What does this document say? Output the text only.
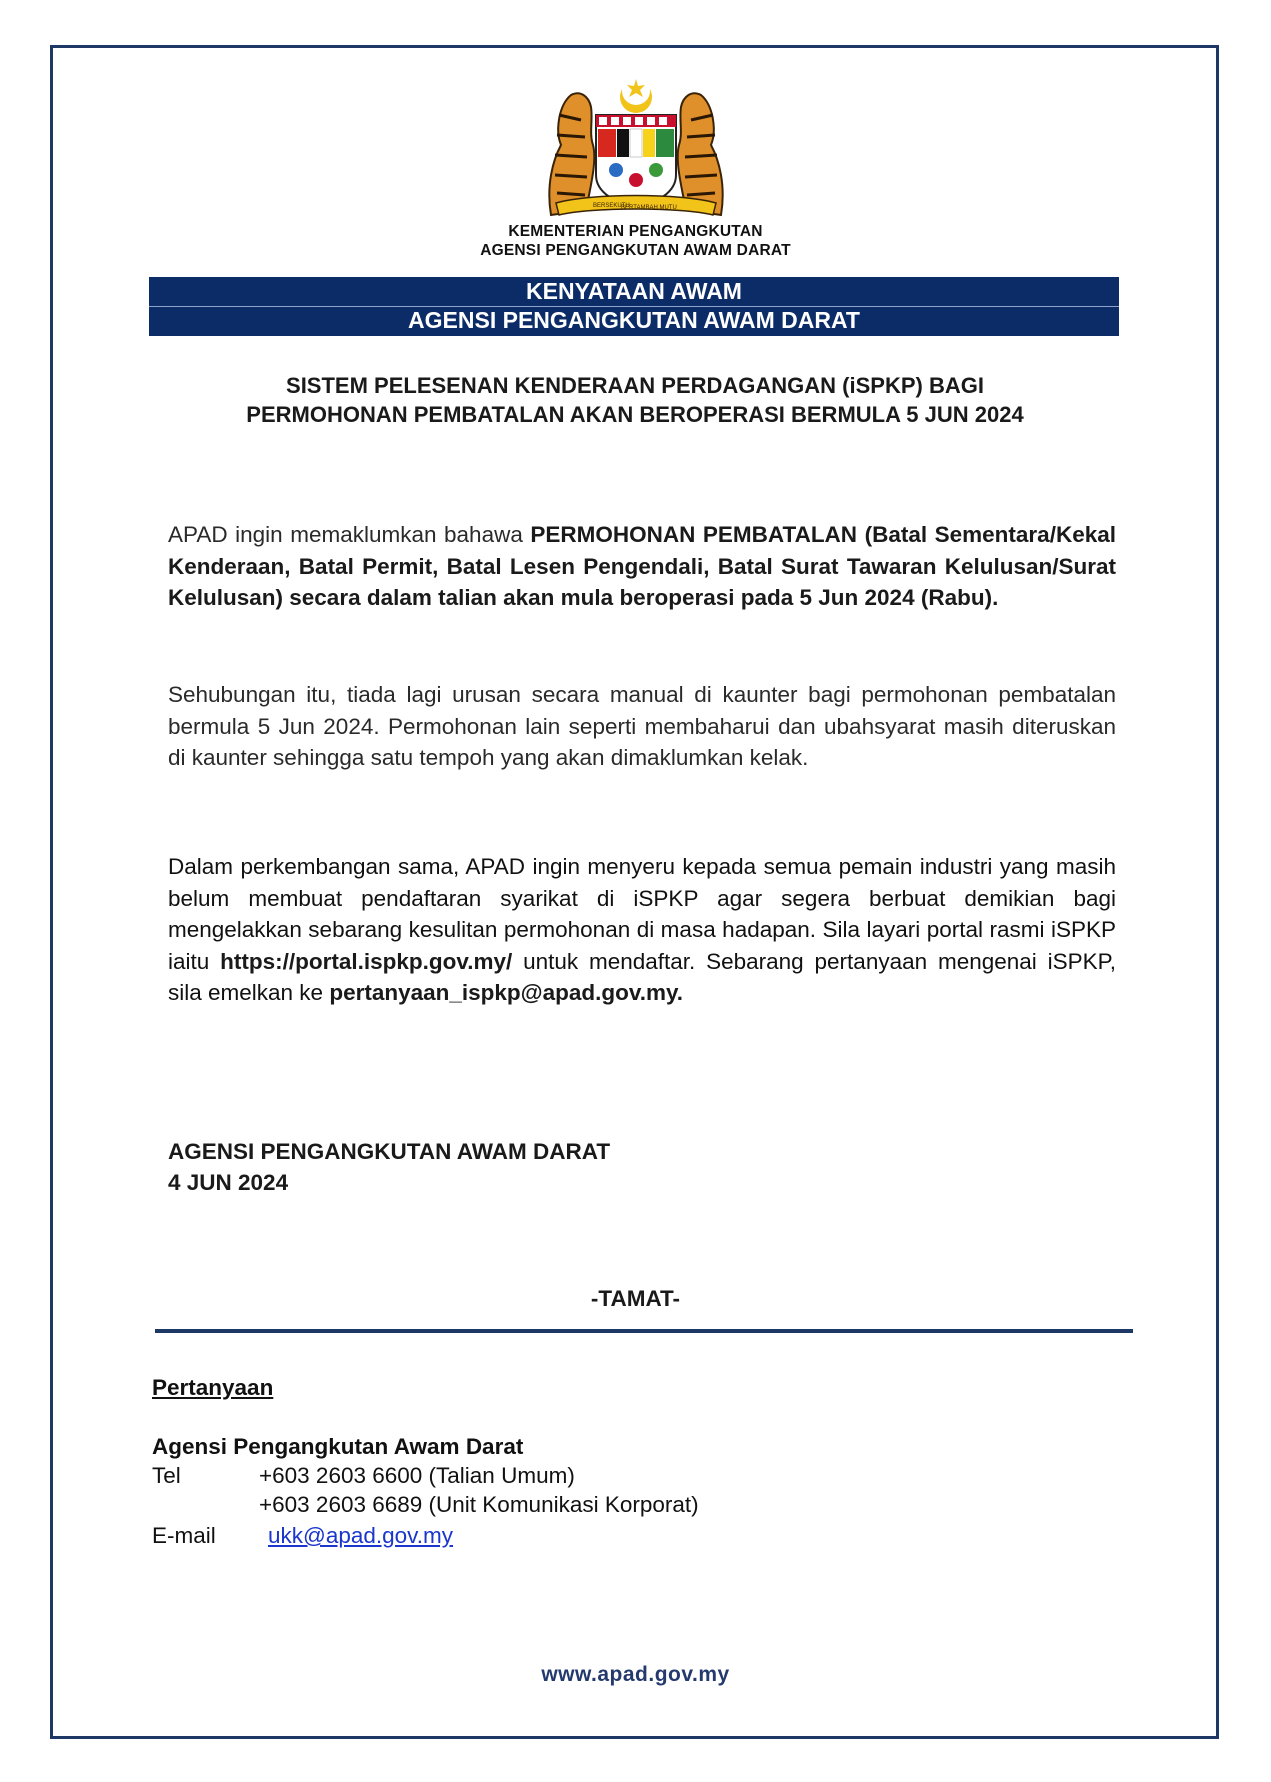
BERSEKUTU
BERTAMBAH MUTU
KEMENTERIAN PENGANGKUTAN
AGENSI PENGANGKUTAN AWAM DARAT
KENYATAAN AWAM
AGENSI PENGANGKUTAN AWAM DARAT
SISTEM PELESENAN KENDERAAN PERDAGANGAN (iSPKP) BAGI
PERMOHONAN PEMBATALAN AKAN BEROPERASI BERMULA 5 JUN 2024
APAD ingin memaklumkan bahawa PERMOHONAN PEMBATALAN (Batal Sementara/Kekal Kenderaan, Batal Permit, Batal Lesen Pengendali, Batal Surat Tawaran Kelulusan/Surat Kelulusan) secara dalam talian akan mula beroperasi pada 5 Jun 2024 (Rabu).
Sehubungan itu, tiada lagi urusan secara manual di kaunter bagi permohonan pembatalan bermula 5 Jun 2024. Permohonan lain seperti membaharui dan ubahsyarat masih diteruskan di kaunter sehingga satu tempoh yang akan dimaklumkan kelak.
Dalam perkembangan sama, APAD ingin menyeru kepada semua pemain industri yang masih belum membuat pendaftaran syarikat di iSPKP agar segera berbuat demikian bagi mengelakkan sebarang kesulitan permohonan di masa hadapan. Sila layari portal rasmi iSPKP iaitu https://portal.ispkp.gov.my/ untuk mendaftar. Sebarang pertanyaan mengenai iSPKP, sila emelkan ke pertanyaan_ispkp@apad.gov.my.
AGENSI PENGANGKUTAN AWAM DARAT
4 JUN 2024
-TAMAT-
Pertanyaan
Agensi Pengangkutan Awam Darat
Tel	+603 2603 6600 (Talian Umum)
+603 2603 6689 (Unit Komunikasi Korporat)
E-mail ukk@apad.gov.my
www.apad.gov.my
